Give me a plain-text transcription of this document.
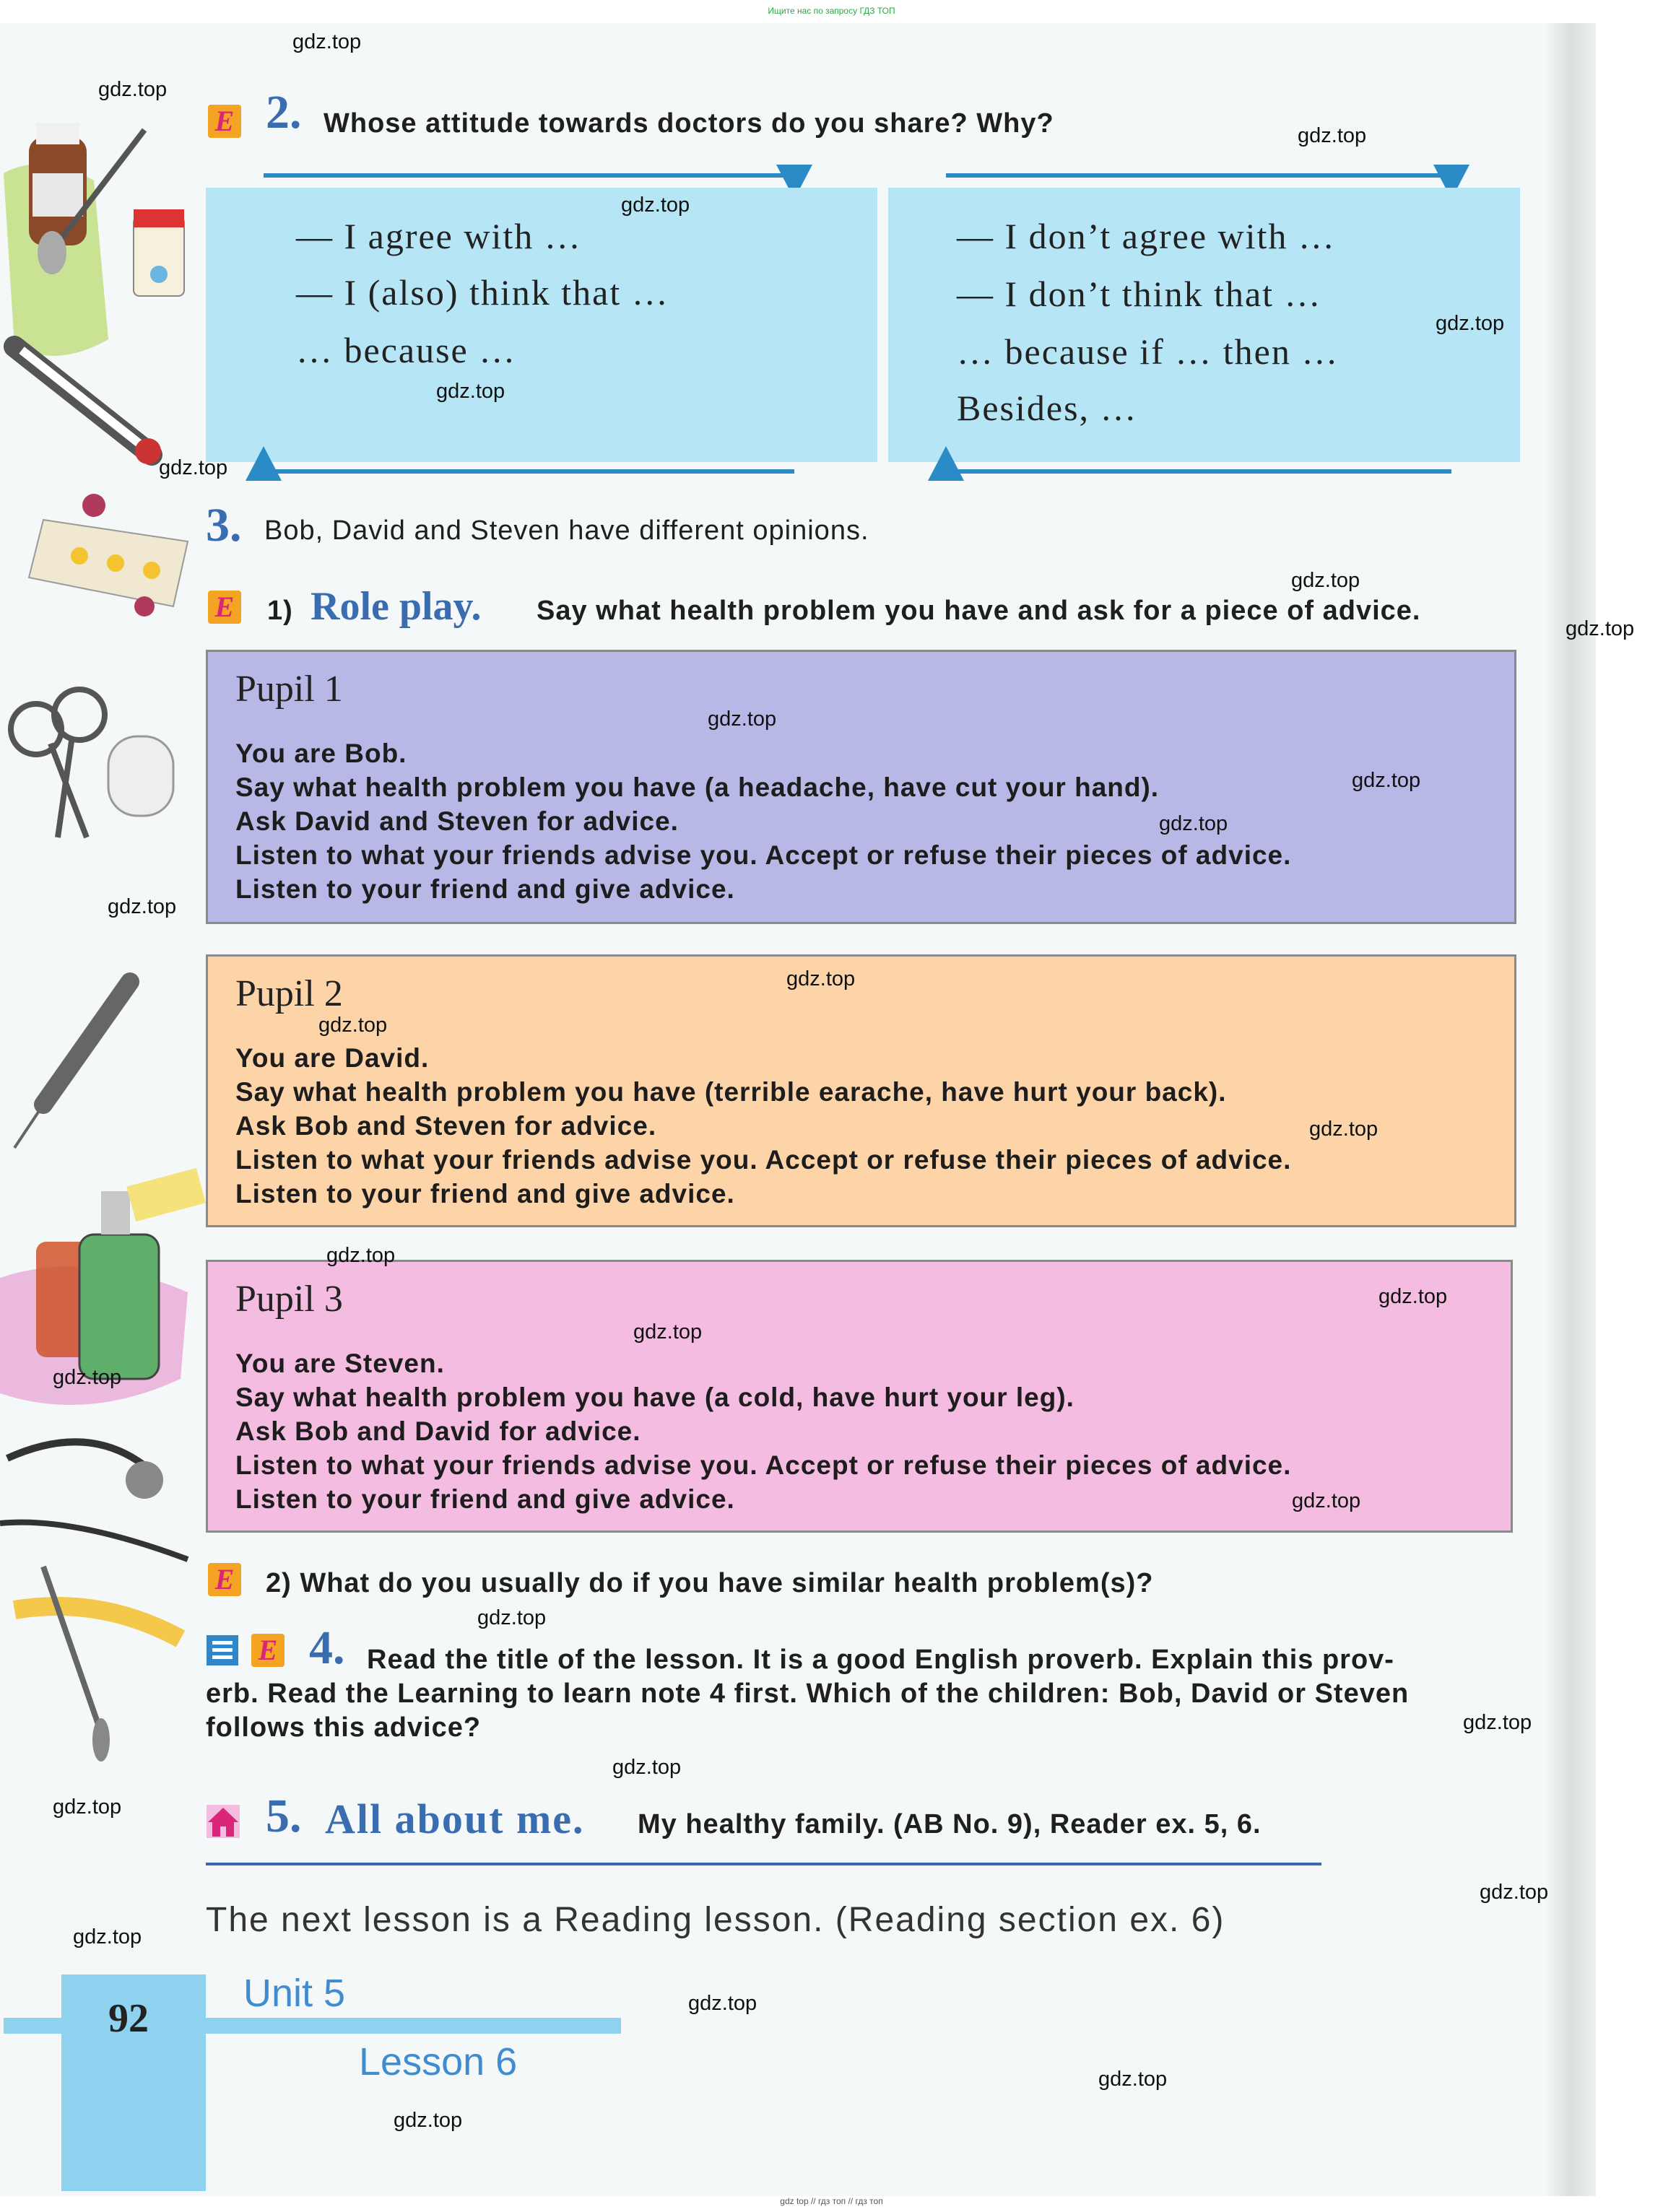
Ищите нас по запросу ГДЗ ТОП
E 2. Whose attitude towards doctors do you share? Why?
— I agree with …
— I (also) think that …
… because …
— I don’t agree with …
— I don’t think that …
… because if … then …
Besides, …
3. Bob, David and Steven have different opinions.
E 1) Role play. Say what health problem you have and ask for a piece of advice.
Pupil 1
You are Bob.
Say what health problem you have (a headache, have cut your hand).
Ask David and Steven for advice.
Listen to what your friends advise you. Accept or refuse their pieces of advice.
Listen to your friend and give advice.
Pupil 2
You are David.
Say what health problem you have (terrible earache, have hurt your back).
Ask Bob and Steven for advice.
Listen to what your friends advise you. Accept or refuse their pieces of advice.
Listen to your friend and give advice.
Pupil 3
You are Steven.
Say what health problem you have (a cold, have hurt your leg).
Ask Bob and David for advice.
Listen to what your friends advise you. Accept or refuse their pieces of advice.
Listen to your friend and give advice.
E 2) What do you usually do if you have similar health problem(s)?
E 4. Read the title of the lesson. It is a good English proverb. Explain this prov-
erb. Read the Learning to learn note 4 first. Which of the children: Bob, David or Steven
follows this advice?
5. All about me. My healthy family. (AB No. 9), Reader ex. 5, 6.
The next lesson is a Reading lesson. (Reading section ex. 6)
92
Unit 5
Lesson 6
gdz top // гдз топ // гдз топ
gdz.top
gdz.top
gdz.top
gdz.top
gdz.top
gdz.top
gdz.top
gdz.top
gdz.top
gdz.top
gdz.top
gdz.top
gdz.top
gdz.top
gdz.top
gdz.top
gdz.top
gdz.top
gdz.top
gdz.top
gdz.top
gdz.top
gdz.top
gdz.top
gdz.top
gdz.top
gdz.top
gdz.top
gdz.top
gdz.top
